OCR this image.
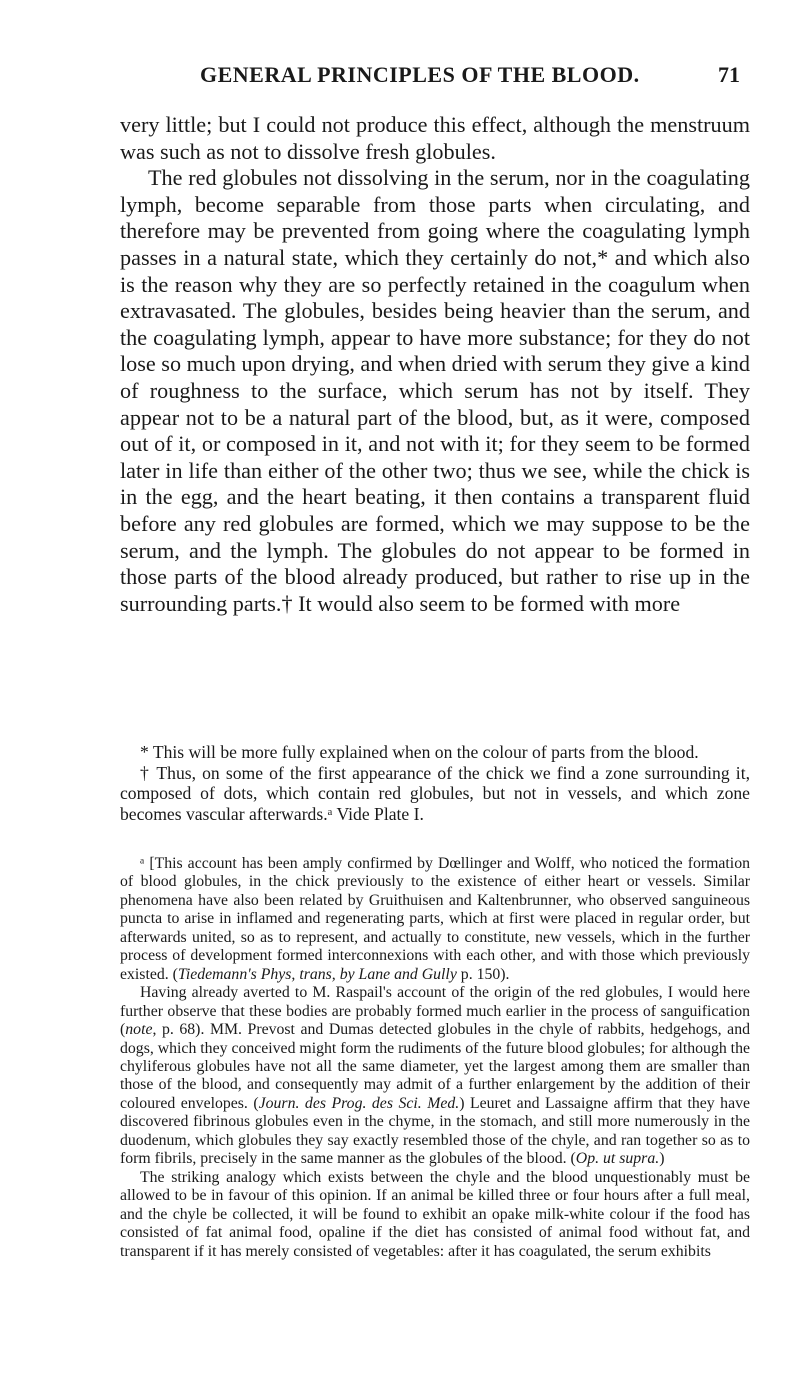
GENERAL PRINCIPLES OF THE BLOOD.	71

very little; but I could not produce this effect, although the menstruum was such as not to dissolve fresh globules.

The red globules not dissolving in the serum, nor in the coagulating lymph, become separable from those parts when circulating, and therefore may be prevented from going where the coagulating lymph passes in a natural state, which they certainly do not,* and which also is the reason why they are so perfectly retained in the coagulum when extravasated. The globules, besides being heavier than the serum, and the coagulating lymph, appear to have more substance; for they do not lose so much upon drying, and when dried with serum they give a kind of roughness to the surface, which serum has not by itself. They appear not to be a natural part of the blood, but, as it were, composed out of it, or composed in it, and not with it; for they seem to be formed later in life than either of the other two; thus we see, while the chick is in the egg, and the heart beating, it then contains a transparent fluid before any red globules are formed, which we may suppose to be the serum, and the lymph. The globules do not appear to be formed in those parts of the blood already produced, but rather to rise up in the surrounding parts.† It would also seem to be formed with more

* This will be more fully explained when on the colour of parts from the blood.

† Thus, on some of the first appearance of the chick we find a zone surrounding it, composed of dots, which contain red globules, but not in vessels, and which zone becomes vascular afterwards.ᵃ Vide Plate I.

ᵃ [This account has been amply confirmed by Dœllinger and Wolff, who noticed the formation of blood globules, in the chick previously to the existence of either heart or vessels. Similar phenomena have also been related by Gruithuisen and Kaltenbrunner, who observed sanguineous puncta to arise in inflamed and regenerating parts, which at first were placed in regular order, but afterwards united, so as to represent, and actually to constitute, new vessels, which in the further process of development formed interconnexions with each other, and with those which previously existed. (Tiedemann's Phys, trans, by Lane and Gully p. 150).

Having already averted to M. Raspail's account of the origin of the red globules, I would here further observe that these bodies are probably formed much earlier in the process of sanguification (note, p. 68). MM. Prevost and Dumas detected globules in the chyle of rabbits, hedgehogs, and dogs, which they conceived might form the rudiments of the future blood globules; for although the chyliferous globules have not all the same diameter, yet the largest among them are smaller than those of the blood, and consequently may admit of a further enlargement by the addition of their coloured envelopes. (Journ. des Prog. des Sci. Med.) Leuret and Lassaigne affirm that they have discovered fibrinous globules even in the chyme, in the stomach, and still more numerously in the duodenum, which globules they say exactly resembled those of the chyle, and ran together so as to form fibrils, precisely in the same manner as the globules of the blood. (Op. ut supra.)

The striking analogy which exists between the chyle and the blood unquestionably must be allowed to be in favour of this opinion. If an animal be killed three or four hours after a full meal, and the chyle be collected, it will be found to exhibit an opake milk-white colour if the food has consisted of fat animal food, opaline if the diet has consisted of animal food without fat, and transparent if it has merely consisted of vegetables: after it has coagulated, the serum exhibits
